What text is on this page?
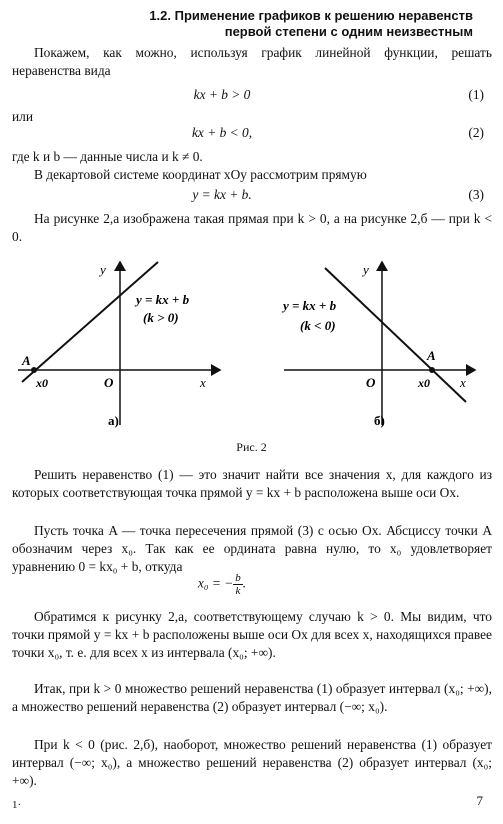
1.2. Применение графиков к решению неравенств
первой степени с одним неизвестным
Покажем, как можно, используя график линейной функции, решать неравенства вида
kx + b > 0	(1)
или
kx + b < 0,	(2)
где k и b — данные числа и k ≠ 0.
В декартовой системе координат xOy рассмотрим прямую
y = kx + b.	(3)
На рисунке 2,а изображена такая прямая при k > 0, а на рисунке 2,б — при k < 0.
y
x
O
A
x0
y = kx + b
(k > 0)
а)
y
x
O
A
x0
y = kx + b
(k < 0)
б)
Рис. 2
Решить неравенство (1) — это значит найти все значения x, для каждого из которых соответствующая точка прямой y = kx + b расположена выше оси Ox.
Пусть точка A — точка пересечения прямой (3) с осью Ox. Абсциссу точки A обозначим через x₀. Так как ее ордината равна нулю, то x₀ удовлетворяет уравнению 0 = kx₀ + b, откуда
x₀ = − $\frac{b}{k}$ .
Обратимся к рисунку 2,а, соответствующему случаю k > 0. Мы видим, что точки прямой y = kx + b расположены выше оси Ox для всех x, находящихся правее точки x₀, т. е. для всех x из интервала (x₀; +∞).
Итак, при k > 0 множество решений неравенства (1) образует интервал (x₀; +∞), а множество решений неравенства (2) образует интервал (−∞; x₀).
При k < 0 (рис. 2,б), наоборот, множество решений неравенства (1) образует интервал (−∞; x₀), а множество решений неравенства (2) образует интервал (x₀; +∞).
1·	7
